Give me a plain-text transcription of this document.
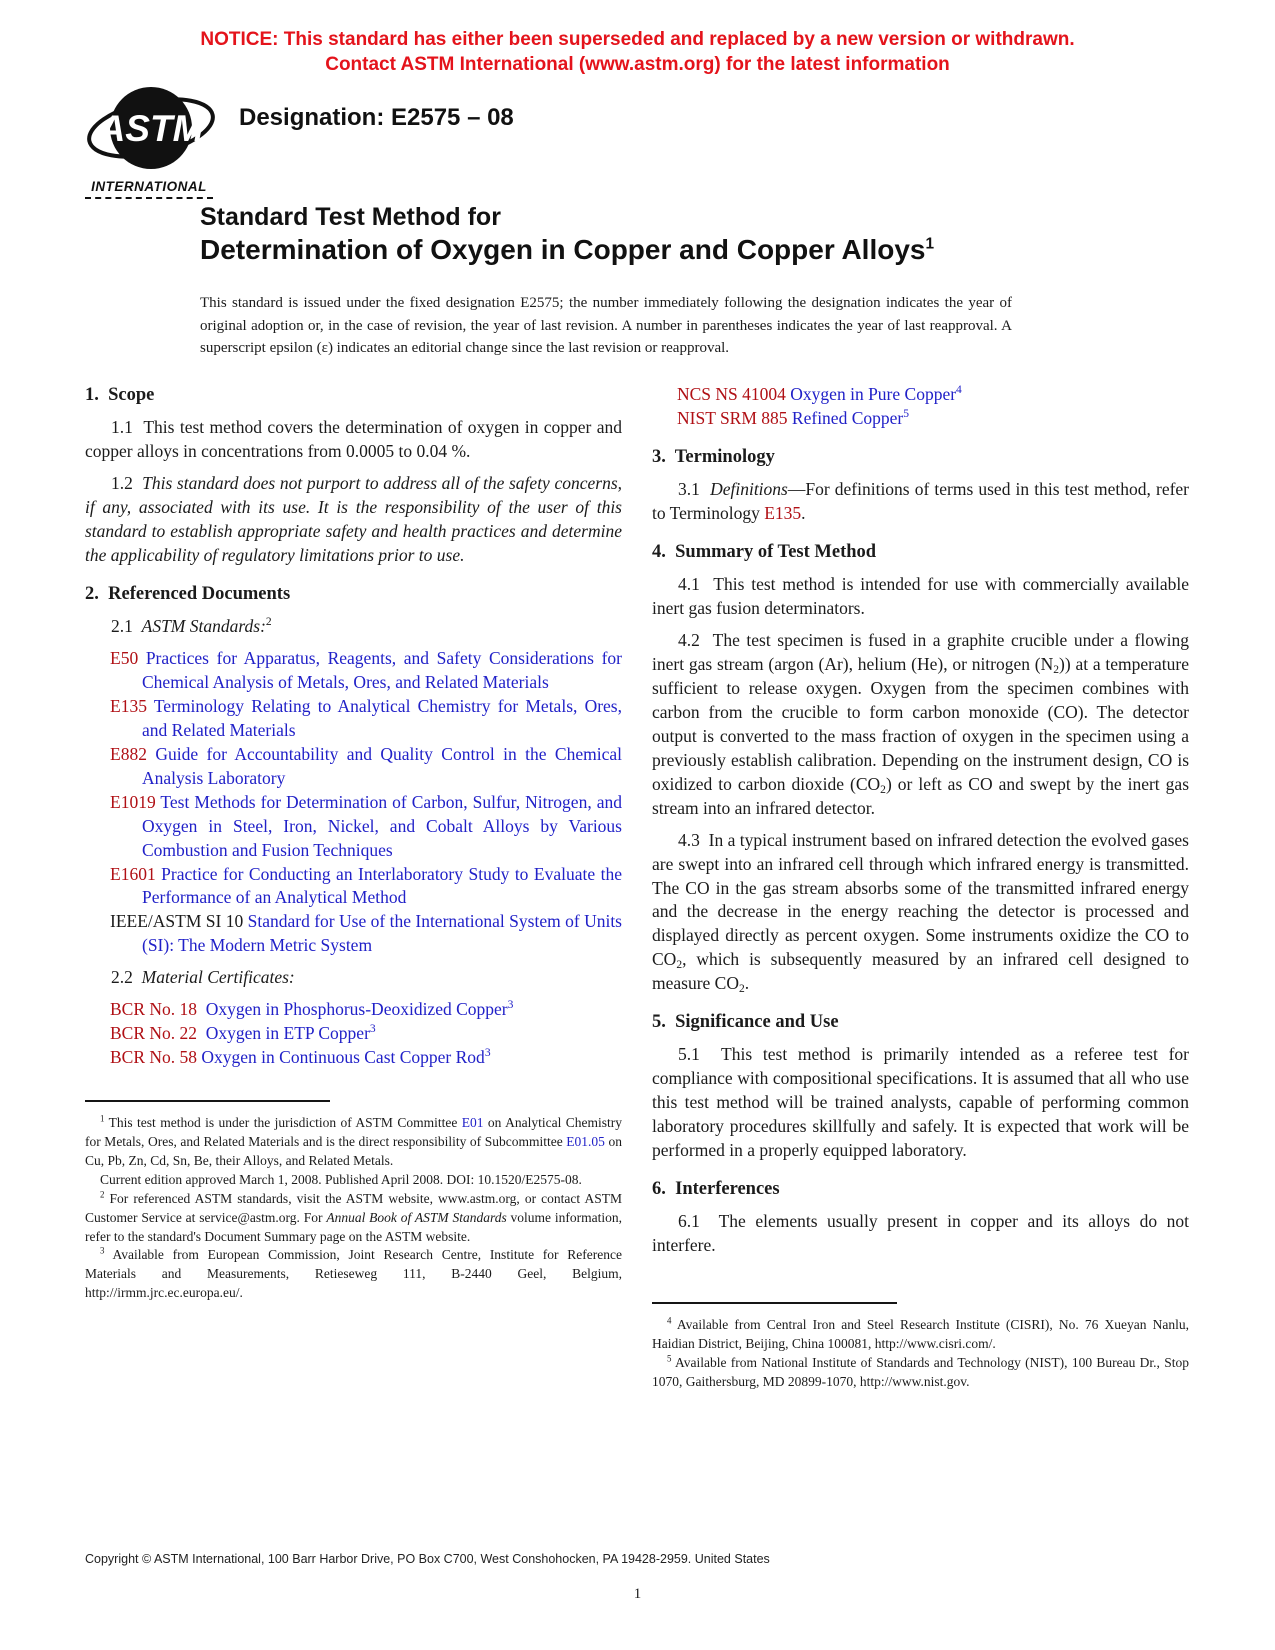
NOTICE: This standard has either been superseded and replaced by a new version or withdrawn.
Contact ASTM International (www.astm.org) for the latest information
ASTM
INTERNATIONAL
Designation: E2575 – 08
Standard Test Method for
Determination of Oxygen in Copper and Copper Alloys$^1$
This standard is issued under the fixed designation E2575; the number immediately following the designation indicates the year of original adoption or, in the case of revision, the year of last revision. A number in parentheses indicates the year of last reapproval. A superscript epsilon (ε) indicates an editorial change since the last revision or reapproval.
1.  Scope

1.1  This test method covers the determination of oxygen in copper and copper alloys in concentrations from 0.0005 to 0.04 %.

1.2  This standard does not purport to address all of the safety concerns, if any, associated with its use. It is the responsibility of the user of this standard to establish appropriate safety and health practices and determine the applicability of regulatory limitations prior to use.

2.  Referenced Documents

2.1  ASTM Standards:$^2$

E50 Practices for Apparatus, Reagents, and Safety Considerations for Chemical Analysis of Metals, Ores, and Related Materials

E135 Terminology Relating to Analytical Chemistry for Metals, Ores, and Related Materials

E882 Guide for Accountability and Quality Control in the Chemical Analysis Laboratory

E1019 Test Methods for Determination of Carbon, Sulfur, Nitrogen, and Oxygen in Steel, Iron, Nickel, and Cobalt Alloys by Various Combustion and Fusion Techniques

E1601 Practice for Conducting an Interlaboratory Study to Evaluate the Performance of an Analytical Method

IEEE/ASTM SI 10 Standard for Use of the International System of Units (SI): The Modern Metric System

2.2  Material Certificates:

BCR No. 18  Oxygen in Phosphorus-Deoxidized Copper$^3$

BCR No. 22  Oxygen in ETP Copper$^3$

BCR No. 58 Oxygen in Continuous Cast Copper Rod$^3$

$^1$ This test method is under the jurisdiction of ASTM Committee E01 on Analytical Chemistry for Metals, Ores, and Related Materials and is the direct responsibility of Subcommittee E01.05 on Cu, Pb, Zn, Cd, Sn, Be, their Alloys, and Related Metals.

Current edition approved March 1, 2008. Published April 2008. DOI: 10.1520/E2575-08.

$^2$ For referenced ASTM standards, visit the ASTM website, www.astm.org, or contact ASTM Customer Service at service@astm.org. For Annual Book of ASTM Standards volume information, refer to the standard's Document Summary page on the ASTM website.

$^3$ Available from European Commission, Joint Research Centre, Institute for Reference Materials and Measurements, Retieseweg 111, B-2440 Geel, Belgium, http://irmm.jrc.ec.europa.eu/.

NCS NS 41004 Oxygen in Pure Copper$^4$

NIST SRM 885 Refined Copper$^5$

3.  Terminology

3.1  Definitions—For definitions of terms used in this test method, refer to Terminology E135.

4.  Summary of Test Method

4.1  This test method is intended for use with commercially available inert gas fusion determinators.

4.2  The test specimen is fused in a graphite crucible under a flowing inert gas stream (argon (Ar), helium (He), or nitrogen $(N_2)$) at a temperature sufficient to release oxygen. Oxygen from the specimen combines with carbon from the crucible to form carbon monoxide (CO). The detector output is converted to the mass fraction of oxygen in the specimen using a previously establish calibration. Depending on the instrument design, CO is oxidized to carbon dioxide $(CO_2)$ or left as CO and swept by the inert gas stream into an infrared detector.

4.3  In a typical instrument based on infrared detection the evolved gases are swept into an infrared cell through which infrared energy is transmitted. The CO in the gas stream absorbs some of the transmitted infrared energy and the decrease in the energy reaching the detector is processed and displayed directly as percent oxygen. Some instruments oxidize the CO to $CO_2$, which is subsequently measured by an infrared cell designed to measure $CO_2$.

5.  Significance and Use

5.1  This test method is primarily intended as a referee test for compliance with compositional specifications. It is assumed that all who use this test method will be trained analysts, capable of performing common laboratory procedures skillfully and safely. It is expected that work will be performed in a properly equipped laboratory.

6.  Interferences

6.1  The elements usually present in copper and its alloys do not interfere.

$^4$ Available from Central Iron and Steel Research Institute (CISRI), No. 76 Xueyan Nanlu, Haidian District, Beijing, China 100081, http://www.cisri.com/.

$^5$ Available from National Institute of Standards and Technology (NIST), 100 Bureau Dr., Stop 1070, Gaithersburg, MD 20899-1070, http://www.nist.gov.

Copyright © ASTM International, 100 Barr Harbor Drive, PO Box C700, West Conshohocken, PA 19428-2959. United States
1
